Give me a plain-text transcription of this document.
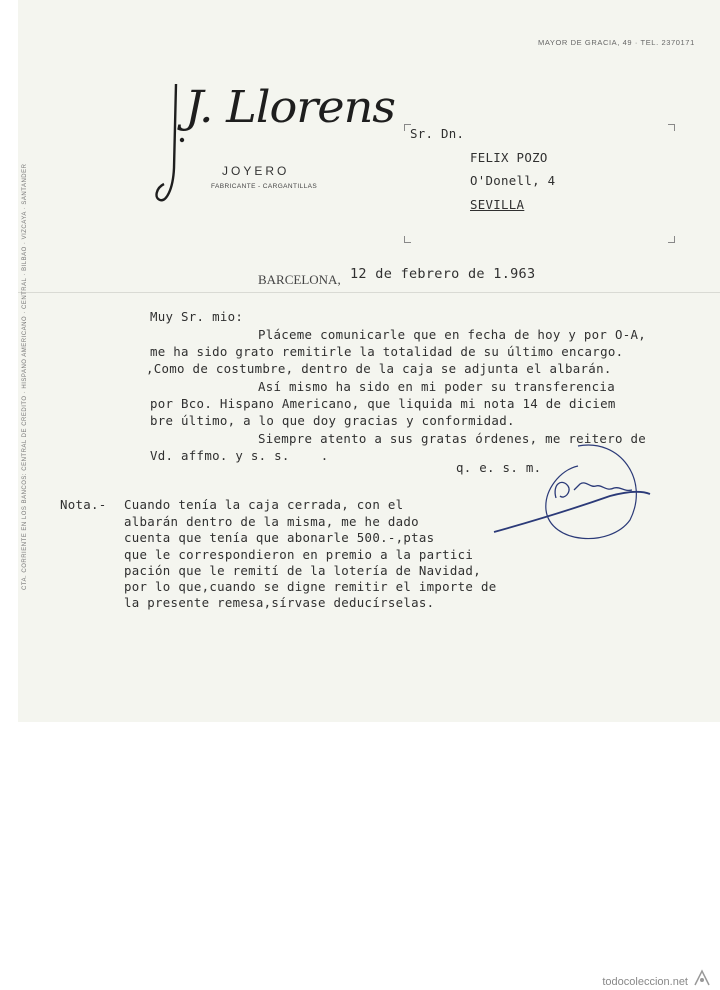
MAYOR DE GRACIA, 49 · TEL. 2370171
J. Llorens
JOYERO
FABRICANTE - CARGANTILLAS
CTA. CORRIENTE EN LOS BANCOS: CENTRAL DE CREDITO · HISPANO AMERICANO · CENTRAL · BILBAO · VIZCAYA · SANTANDER
Sr. Dn.
FELIX POZO
O'Donell, 4
SEVILLA
BARCELONA, 12 de febrero de 1.963
Muy Sr. mio:
Pláceme comunicarle que en fecha de hoy y por O-A,
me ha sido grato remitirle la totalidad de su último encargo.
,Como de costumbre, dentro de la caja se adjunta el albarán.
Así mismo ha sido en mi poder su transferencia
por Bco. Hispano Americano, que liquida mi nota 14 de diciem
bre último, a lo que doy gracias y conformidad.
Siempre atento a sus gratas órdenes, me reitero de
Vd. affmo. y s. s.    .
q. e. s. m.
Nota.- Cuando tenía la caja cerrada, con el
albarán dentro de la misma, me he dado
cuenta que tenía que abonarle 500.-,ptas
que le correspondieron en premio a la partici
pación que le remití de la lotería de Navidad,
por lo que,cuando se digne remitir el importe de
la presente remesa,sírvase deducírselas.
todocoleccion.net
